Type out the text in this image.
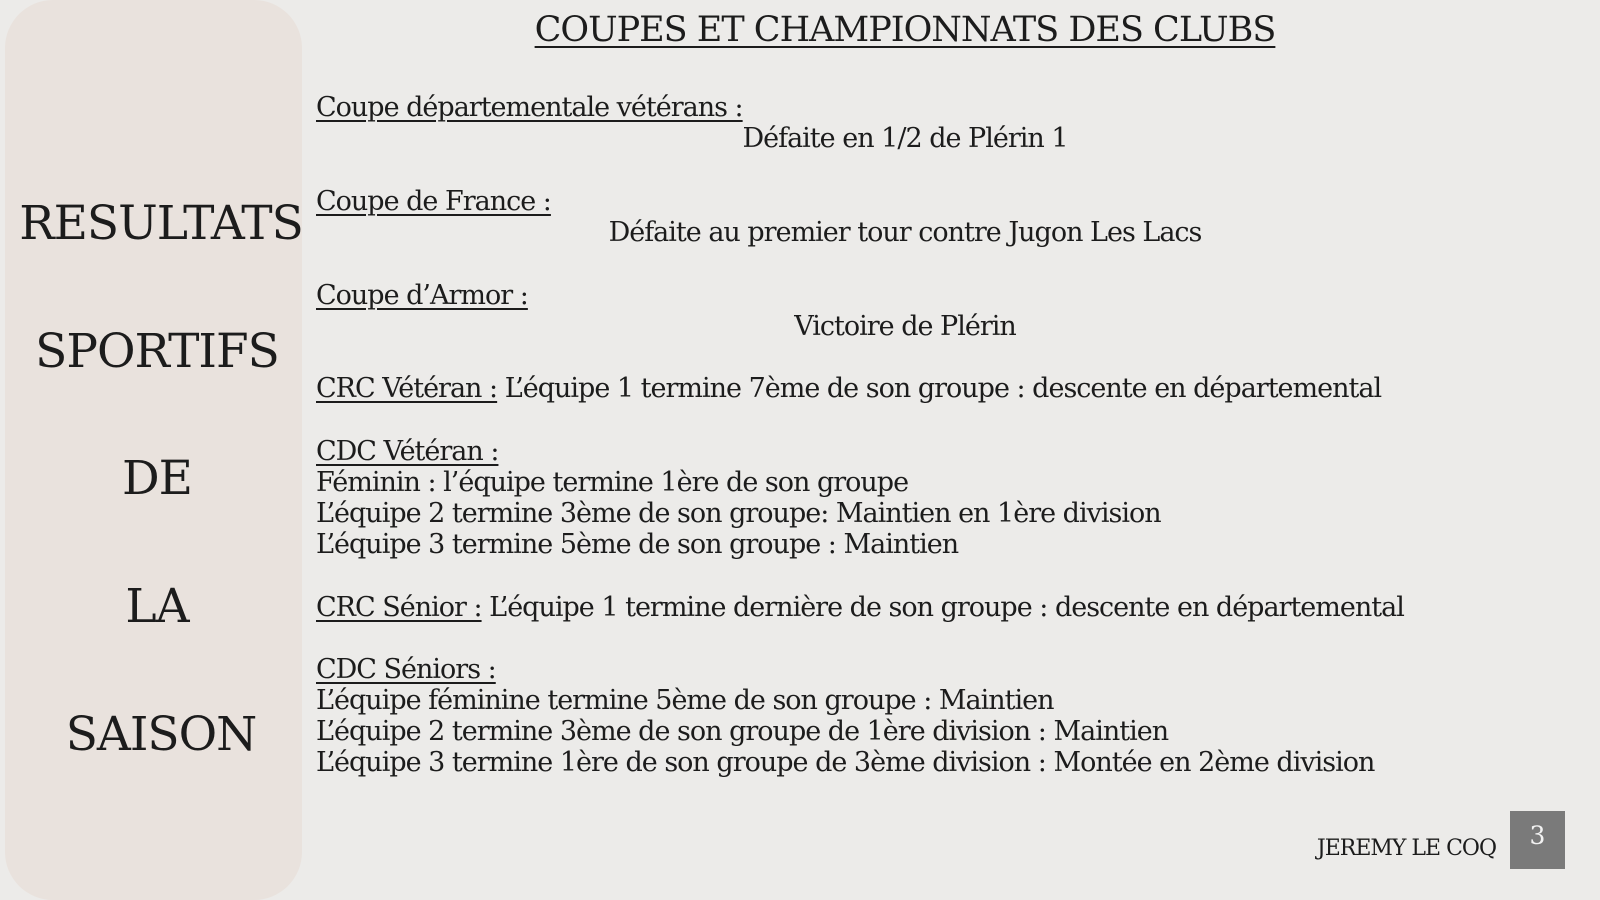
RESULTATS
SPORTIFS
DE
LA
SAISON
COUPES ET CHAMPIONNATS DES CLUBS
Coupe départementale vétérans :
Défaite en 1/2 de Plérin 1
Coupe de France :
Défaite au premier tour contre Jugon Les Lacs
Coupe d’Armor :
Victoire de Plérin
CRC Vétéran : L’équipe 1 termine 7ème de son groupe : descente en départemental
CDC Vétéran :
Féminin : l’équipe termine 1ère de son groupe
L’équipe 2 termine 3ème de son groupe: Maintien en 1ère division
L’équipe 3 termine 5ème de son groupe : Maintien
CRC Sénior : L’équipe 1 termine dernière de son groupe : descente en départemental
CDC Séniors :
L’équipe féminine termine 5ème de son groupe : Maintien
L’équipe 2 termine 3ème de son groupe de 1ère division : Maintien
L’équipe 3 termine 1ère de son groupe de 3ème division : Montée en 2ème division
JEREMY LE COQ	3
